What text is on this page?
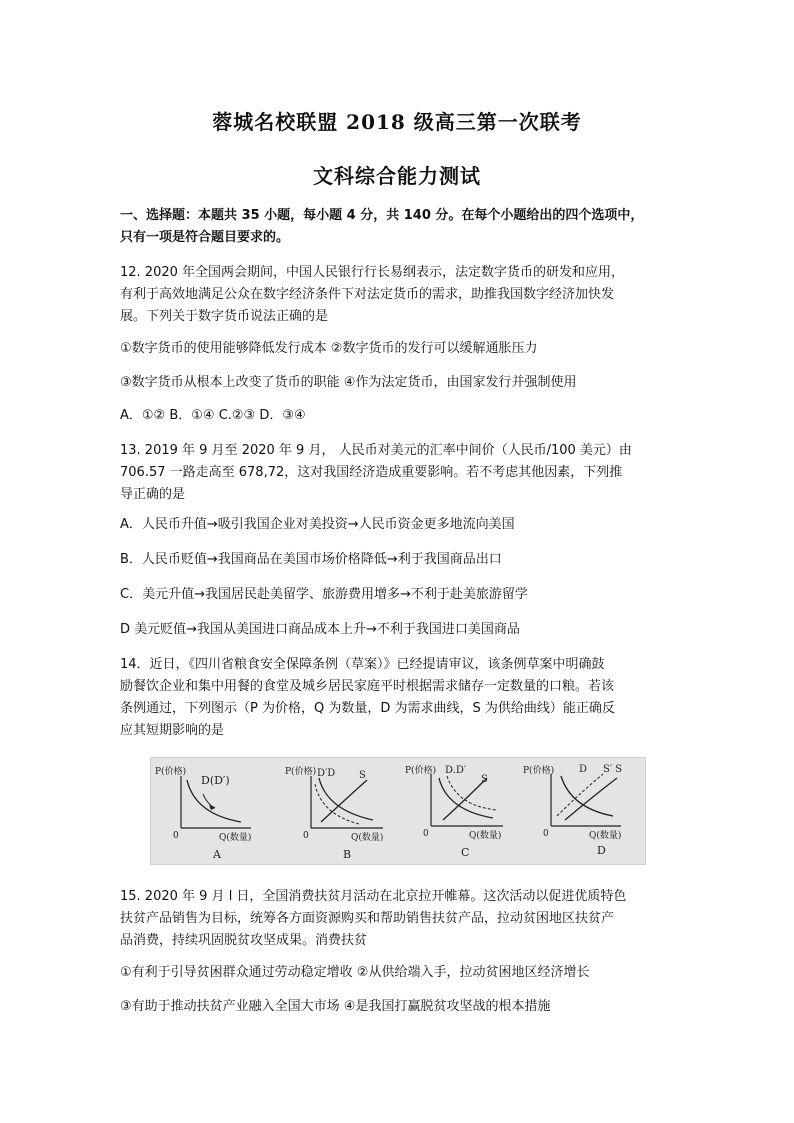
蓉城名校联盟 2018 级高三第一次联考
文科综合能力测试
一、选择题：本题共 35 小题，每小题 4 分，共 140 分。在每个小题给出的四个选项中，
只有一项是符合题目要求的。
12. 2020 年全国两会期间，中国人民银行行长易纲表示，法定数字货币的研发和应用，
有利于高效地满足公众在数字经济条件下对法定货币的需求，助推我国数字经济加快发
展。下列关于数字货币说法正确的是
①数字货币的使用能够降低发行成本 ②数字货币的发行可以缓解通胀压力
③数字货币从根本上改变了货币的职能 ④作为法定货币，由国家发行并强制使用
A．①② B．①④ C.②③ D．③④
13. 2019 年 9 月至 2020 年 9 月， 人民币对美元的汇率中间价（人民币/100 美元）由
706.57 一路走高至 678,72，这对我国经济造成重要影响。若不考虑其他因素，下列推
导正确的是
A．人民币升值→吸引我国企业对美投资→人民币资金更多地流向美国
B．人民币贬值→我国商品在美国市场价格降低→利于我国商品出口
C．美元升值→我国居民赴美留学、旅游费用增多→不利于赴美旅游留学
D 美元贬值→我国从美国进口商品成本上升→不利于我国进口美国商品
14．近日，《四川省粮食安全保障条例（草案）》已经提请审议，该条例草案中明确鼓
励餐饮企业和集中用餐的食堂及城乡居民家庭平时根据需求储存一定数量的口粮。若该
条例通过，下列图示（P 为价格，Q 为数量，D 为需求曲线，S 为供给曲线）能正确反
应其短期影响的是
P(价格)
D(D′)
0	Q(数量)
A
P(价格) D′D S
0	Q(数量)
B
P(价格) D.D′
S
0	Q(数量)
C
P(价格) D S′ S
0	Q(数量)
D
15. 2020 年 9 月 l 日，全国消费扶贫月活动在北京拉开帷幕。这次活动以促进优质特色
扶贫产品销售为目标，统筹各方面资源购买和帮助销售扶贫产品，拉动贫困地区扶贫产
品消费，持续巩固脱贫攻坚成果。消费扶贫
①有利于引导贫困群众通过劳动稳定增收 ②从供给端入手，拉动贫困地区经济增长
③有助于推动扶贫产业融入全国大市场 ④是我国打赢脱贫攻坚战的根本措施
